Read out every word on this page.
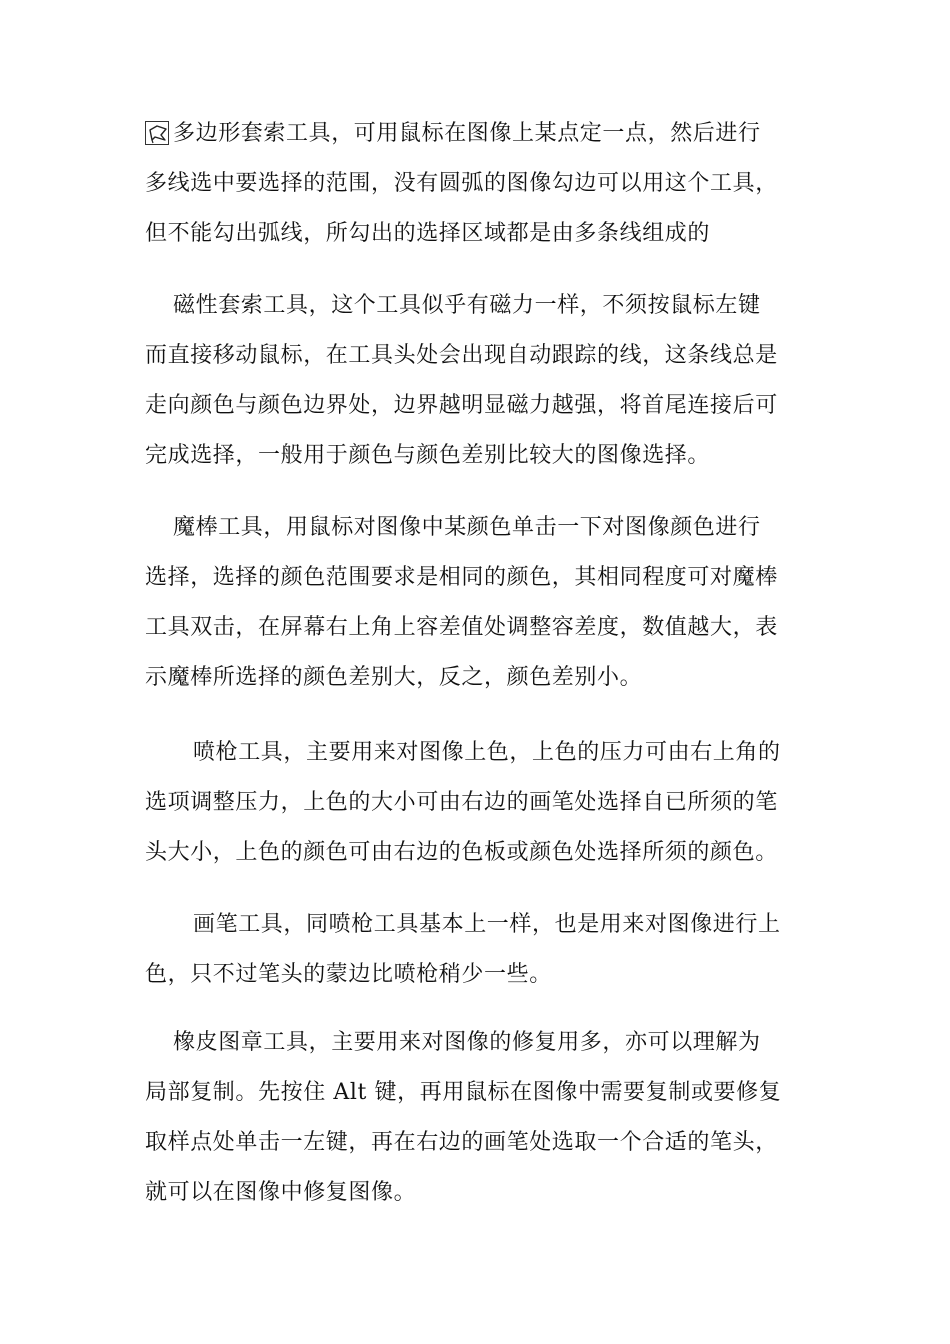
多边形套索工具，可用鼠标在图像上某点定一点，然后进行
多线选中要选择的范围，没有圆弧的图像勾边可以用这个工具，
但不能勾出弧线，所勾出的选择区域都是由多条线组成的

磁性套索工具，这个工具似乎有磁力一样，不须按鼠标左键
而直接移动鼠标，在工具头处会出现自动跟踪的线，这条线总是
走向颜色与颜色边界处，边界越明显磁力越强，将首尾连接后可
完成选择，一般用于颜色与颜色差别比较大的图像选择。

魔棒工具，用鼠标对图像中某颜色单击一下对图像颜色进行
选择，选择的颜色范围要求是相同的颜色，其相同程度可对魔棒
工具双击，在屏幕右上角上容差值处调整容差度，数值越大，表
示魔棒所选择的颜色差别大，反之，颜色差别小。

喷枪工具，主要用来对图像上色，上色的压力可由右上角的
选项调整压力，上色的大小可由右边的画笔处选择自已所须的笔
头大小，上色的颜色可由右边的色板或颜色处选择所须的颜色。

画笔工具，同喷枪工具基本上一样，也是用来对图像进行上
色，只不过笔头的蒙边比喷枪稍少一些。

橡皮图章工具，主要用来对图像的修复用多，亦可以理解为
局部复制。先按住 Alt 键，再用鼠标在图像中需要复制或要修复
取样点处单击一左键，再在右边的画笔处选取一个合适的笔头，
就可以在图像中修复图像。
